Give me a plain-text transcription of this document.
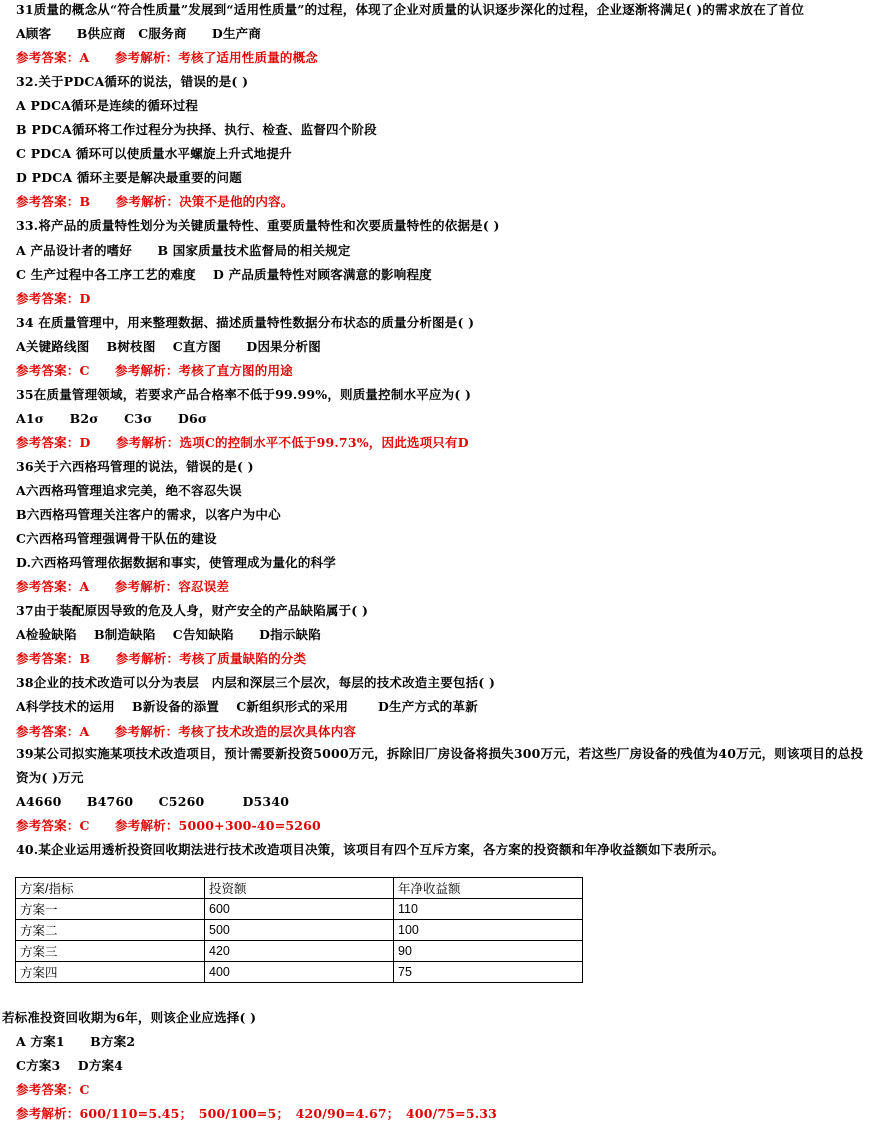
31质量的概念从“符合性质量”发展到“适用性质量”的过程，体现了企业对质量的认识逐步深化的过程，企业逐渐将满足( )的需求放在了首位
A顾客　　B供应商　C服务商　　D生产商
参考答案：A　　参考解析：考核了适用性质量的概念
32.关于PDCA循环的说法，错误的是( )
A PDCA循环是连续的循环过程
B PDCA循环将工作过程分为抉择、执行、检查、监督四个阶段
C PDCA 循环可以使质量水平螺旋上升式地提升
D PDCA 循环主要是解决最重要的问题
参考答案：B　　参考解析：决策不是他的内容。
33.将产品的质量特性划分为关键质量特性、重要质量特性和次要质量特性的依据是( )
A 产品设计者的嗜好　　B 国家质量技术监督局的相关规定
C 生产过程中各工序工艺的难度　 D 产品质量特性对顾客满意的影响程度
参考答案：D
34 在质量管理中，用来整理数据、描述质量特性数据分布状态的质量分析图是( )
A关键路线图　 B树枝图　 C直方图　　D因果分析图
参考答案：C　　参考解析：考核了直方图的用途
35在质量管理领域，若要求产品合格率不低于99.99%，则质量控制水平应为( )
A1σ　　B2σ　　C3σ　　D6σ
参考答案：D　　参考解析：选项C的控制水平不低于99.73%，因此选项只有D
36关于六西格玛管理的说法，错误的是( )
A六西格玛管理追求完美，绝不容忍失误
B六西格玛管理关注客户的需求，以客户为中心
C六西格玛管理强调骨干队伍的建设
D.六西格玛管理依据数据和事实，使管理成为量化的科学
参考答案：A　　参考解析：容忍误差
37由于装配原因导致的危及人身，财产安全的产品缺陷属于( )
A检验缺陷　 B制造缺陷　 C告知缺陷　　D指示缺陷
参考答案：B　　参考解析：考核了质量缺陷的分类
38企业的技术改造可以分为表层　内层和深层三个层次，每层的技术改造主要包括( )
A科学技术的运用　 B新设备的添置　 C新组织形式的采用　　 D生产方式的革新
参考答案：A　　参考解析：考核了技术改造的层次具体内容
39某公司拟实施某项技术改造项目，预计需要新投资5000万元，拆除旧厂房设备将损失300万元，若这些厂房设备的残值为40万元，则该项目的总投
资为( )万元
A4660　　B4760　　C5260　　　D5340
参考答案：C　　参考解析：5000+300-40=5260
40.某企业运用透析投资回收期法进行技术改造项目决策，该项目有四个互斥方案，各方案的投资额和年净收益额如下表所示。
若标准投资回收期为6年，则该企业应选择( )
A 方案1　　B方案2
C方案3　 D方案4
参考答案：C
参考解析：600/110=5.45；　500/100=5；　420/90=4.67；　400/75=5.33
方案/指标	投资额	年净收益额
方案一	600	110
方案二	500	100
方案三	420	90
方案四	400	75
